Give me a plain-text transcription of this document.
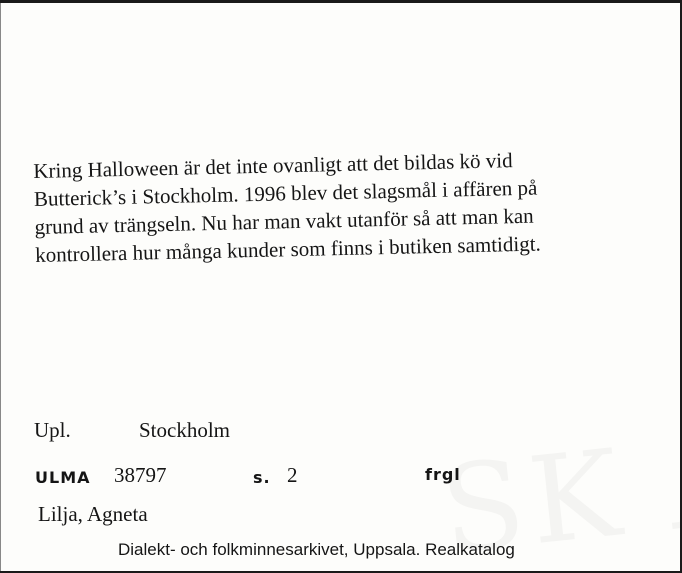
Kring Halloween är det inte ovanligt att det bildas kö vid
Butterick’s i Stockholm. 1996 blev det slagsmål i affären på
grund av trängseln. Nu har man vakt utanför så att man kan
kontrollera hur många kunder som finns i butiken samtidigt.
Upl.	Stockholm
ULMA 38797	s. 2	frgl
Lilja, Agneta
Dialekt- och folkminnesarkivet, Uppsala. Realkatalog
